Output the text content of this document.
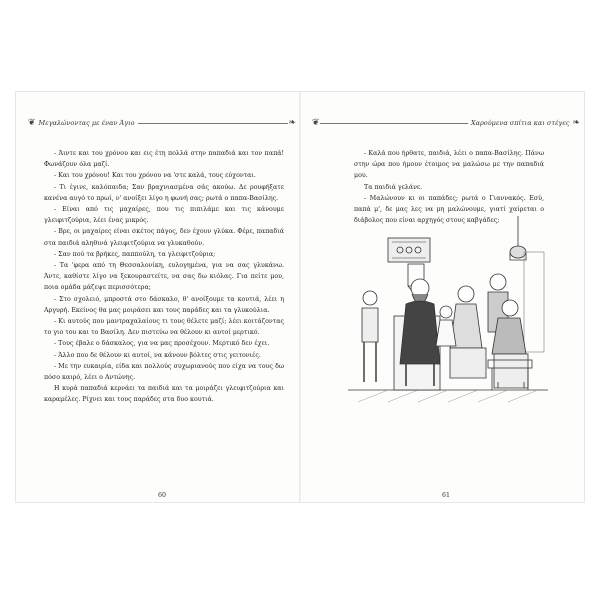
❦ Μεγαλώνοντας με έναν Άγιο	❧

- Άιντε και του χρόνου και εις έτη πολλά στην παπαδιά και τον παπά! Φωνάζουν όλα μαζί.

- Και του χρόνου! Και του χρόνου να 'στε καλά, τους εύχονται.

- Τι έγινε, καλόπαιδα; Σαν βραχνιασμένα σάς ακούω. Δε ρουφήξατε κανένα αυγό το πρωί, ν' ανοίξει λίγο η φωνή σας; ρωτά ο παπα-Βασίλης.

- Είναι από τις μαχαίρες, που τις πιπιλάμε και τις κάνουμε γλειφιτζούρια, λέει ένας μικρός.

- Βρε, οι μαχαίρες είναι σκέτος πάγος, δεν έχουν γλύκα. Φέρε, παπαδιά στα παιδιά αληθινά γλειφιτζούρια να γλυκαθούν.

- Σαν πού τα βρήκες, παππούλη, τα γλειφιτζούρια;

- Τα 'φερα από τη Θεσσαλονίκη, ευλογημένα, για να σας γλυκάνω. Άντε, καθίστε λίγο να ξεκουραστείτε, να σας δω κιόλας. Για πείτε μου, ποια ομάδα μάζεψε περισσότερα;

- Στο σχολειό, μπροστά στο δάσκαλο, θ' ανοίξουμε τα κουτιά, λέει η Αργυρή. Εκείνος θα μας μοιράσει και τους παράδες και τα γλυκούλια.

- Κι αυτούς που μαντραχαλαίους τι τους θέλετε μαζί; λέει κοιτάζοντας το γιο του και το Βασίλη. Δεν πιστεύω να θέλουν κι αυτοί μερτικό.

- Τους έβαλε ο δάσκαλος, για να μας προσέχουν. Μερτικό δεν έχει.

- Άλλο που δε θέλουν κι αυτοί, να κάνουν βόλτες στις γειτονιές.

- Με την ευκαιρία, είδα και πολλούς συχωριανούς που είχα να τους δω πόσο καιρό, λέει ο Αντώνης.

Η κυρά παπαδιά κερνάει τα παιδιά και τα μοιράζει γλειφιτζούρια και καραμέλες. Ρίχνει και τους παράδες στα δυο κουτιά.

60
❦	Χαρούμενα σπίτια και στέγες ❧

- Καλά που ήρθατε, παιδιά, λέει ο παπα-Βασίλης. Πάνω στην ώρα που ήμουν έτοιμος να μαλώσω με την παπαδιά μου.

Τα παιδιά γελάνε.

- Μαλώνουν κι οι παπάδες; ρωτά ο Γιαννακός. Εσύ, παπά μ', δε μας λες να μη μαλώνουμε, γιατί χαίρεται ο διάβολος που είναι αρχηγός στους καβγάδες;

61
